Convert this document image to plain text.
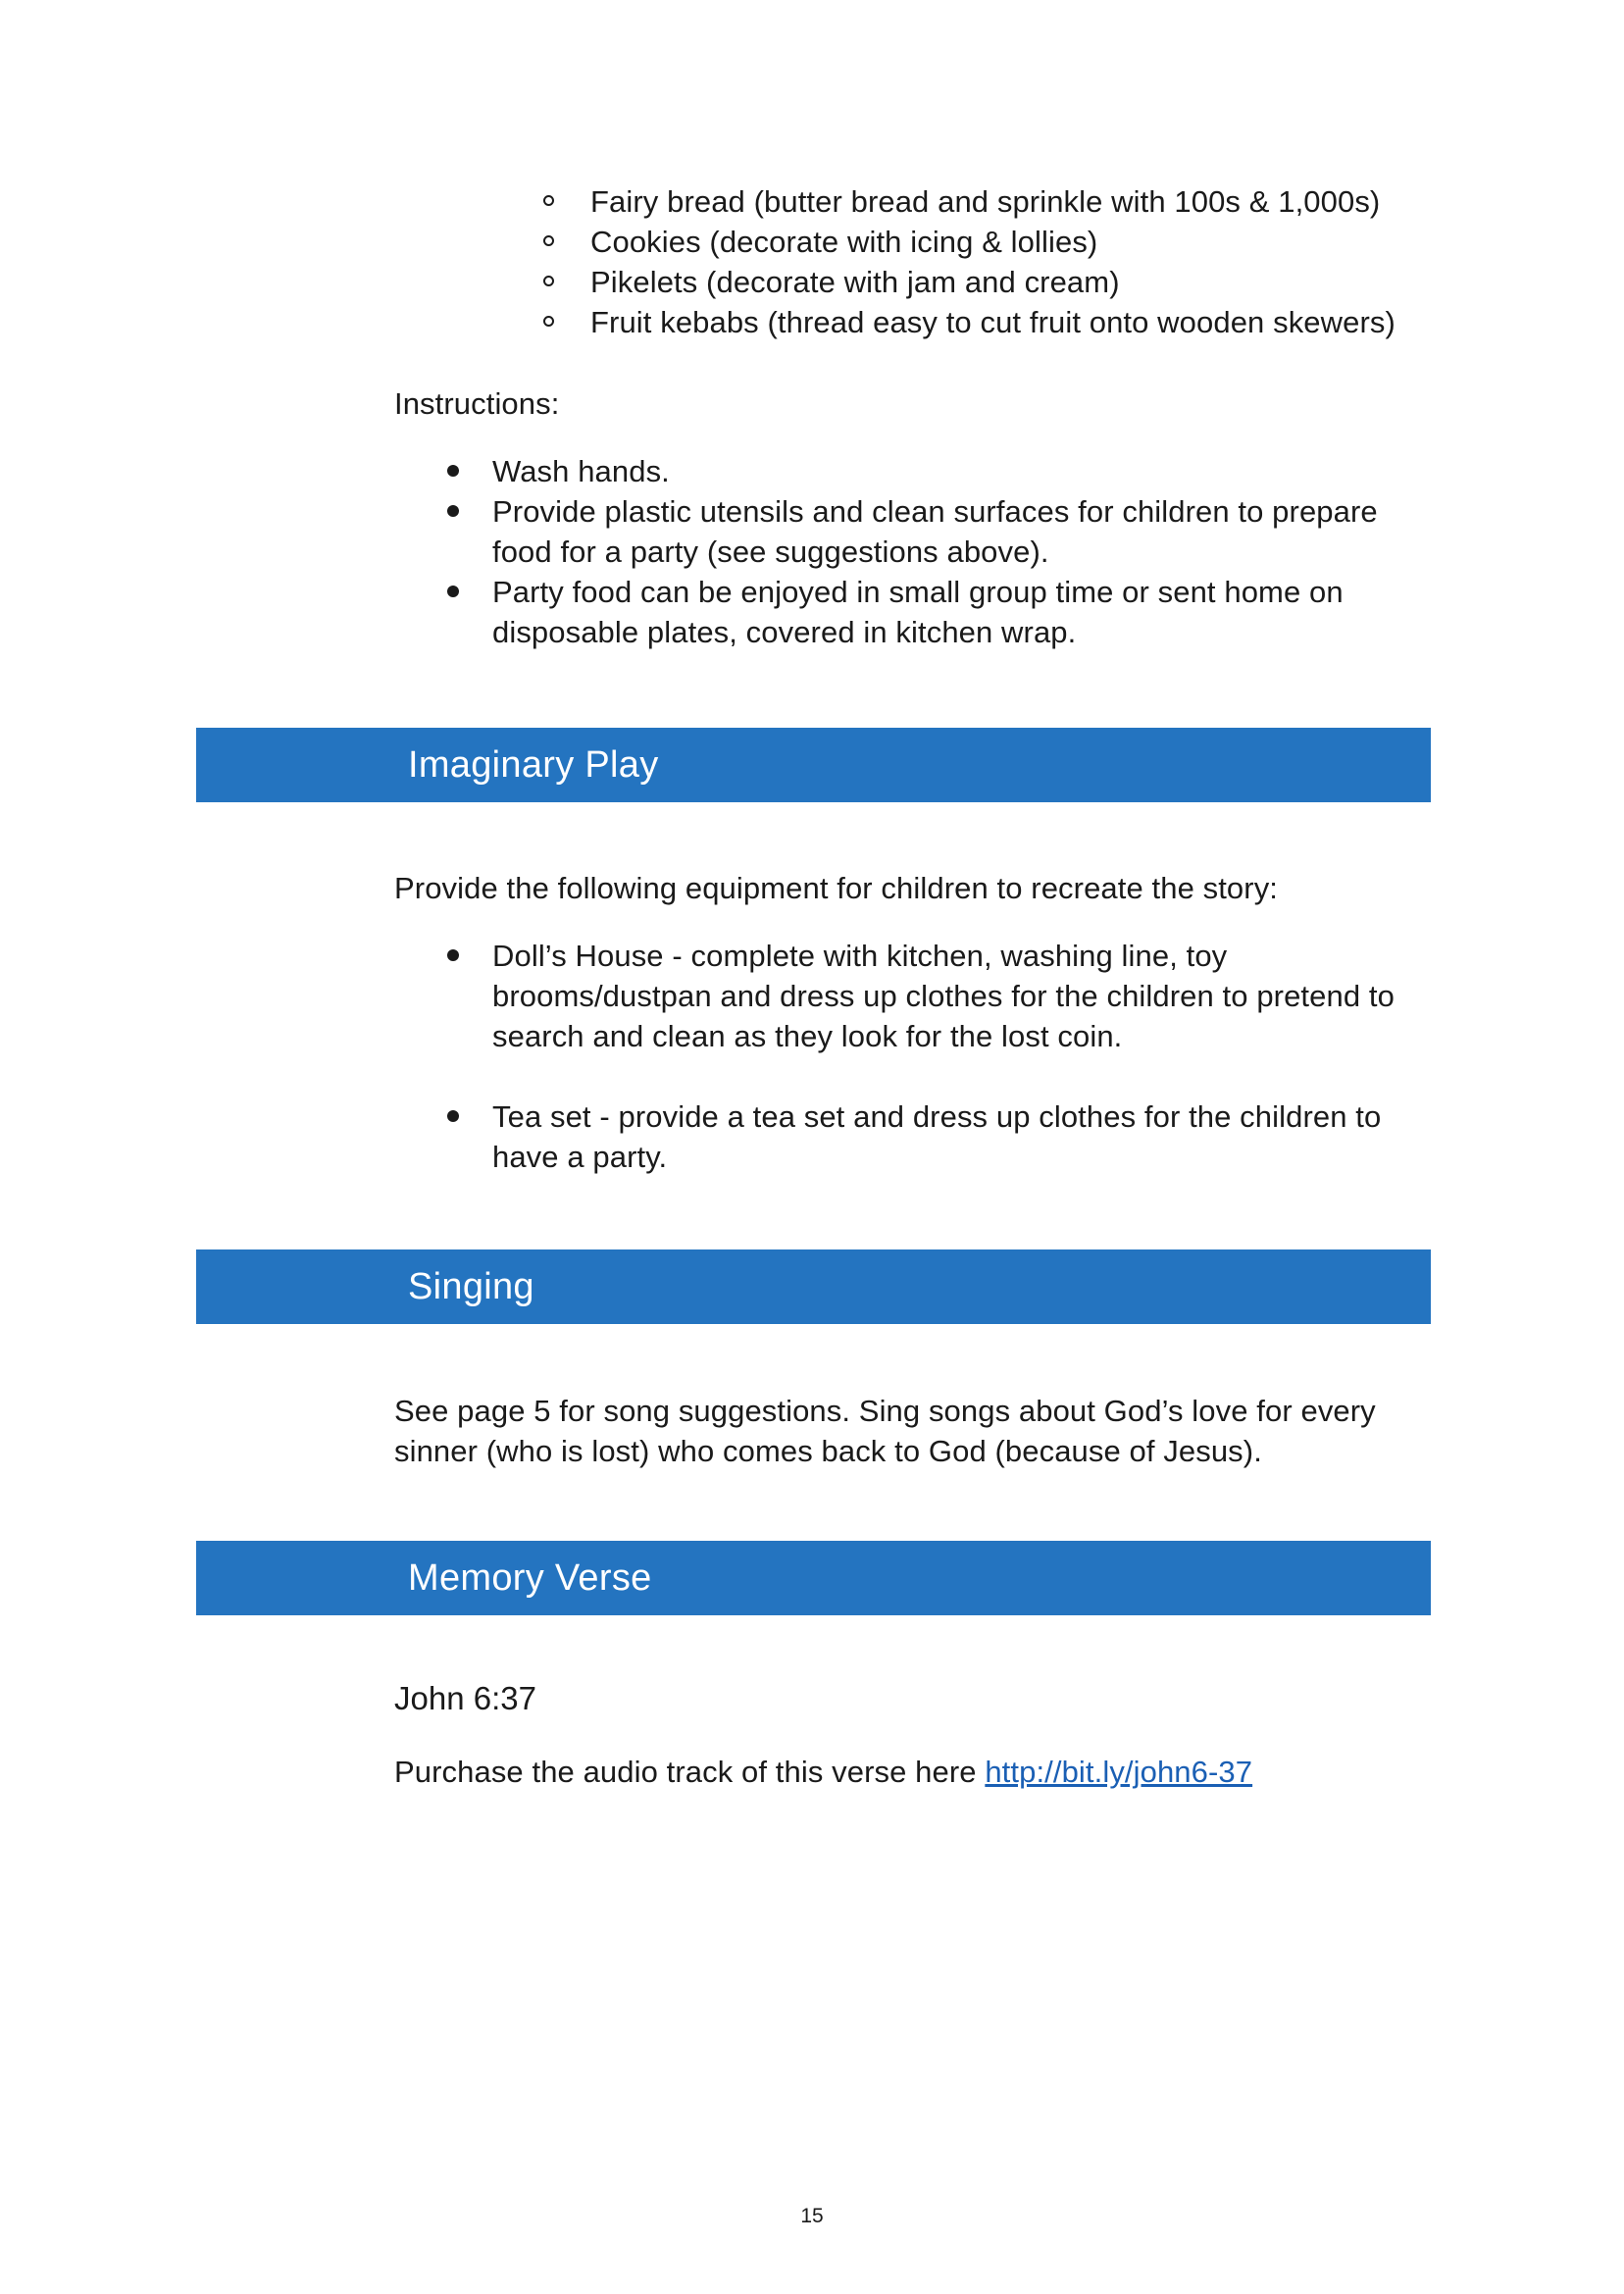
Fairy bread (butter bread and sprinkle with 100s & 1,000s)
Cookies (decorate with icing & lollies)
Pikelets (decorate with jam and cream)
Fruit kebabs (thread easy to cut fruit onto wooden skewers)

Instructions:

Wash hands.
Provide plastic utensils and clean surfaces for children to prepare food for a party (see suggestions above).
Party food can be enjoyed in small group time or sent home on disposable plates, covered in kitchen wrap.
Imaginary Play

Provide the following equipment for children to recreate the story:

Doll’s House - complete with kitchen, washing line, toy brooms/dustpan and dress up clothes for the children to pretend to search and clean as they look for the lost coin.
Tea set - provide a tea set and dress up clothes for the children to have a party.
Singing

See page 5 for song suggestions. Sing songs about God’s love for every sinner (who is lost) who comes back to God (because of Jesus).

Memory Verse
John 6:37

Purchase the audio track of this verse here http://bit.ly/john6-37

15
